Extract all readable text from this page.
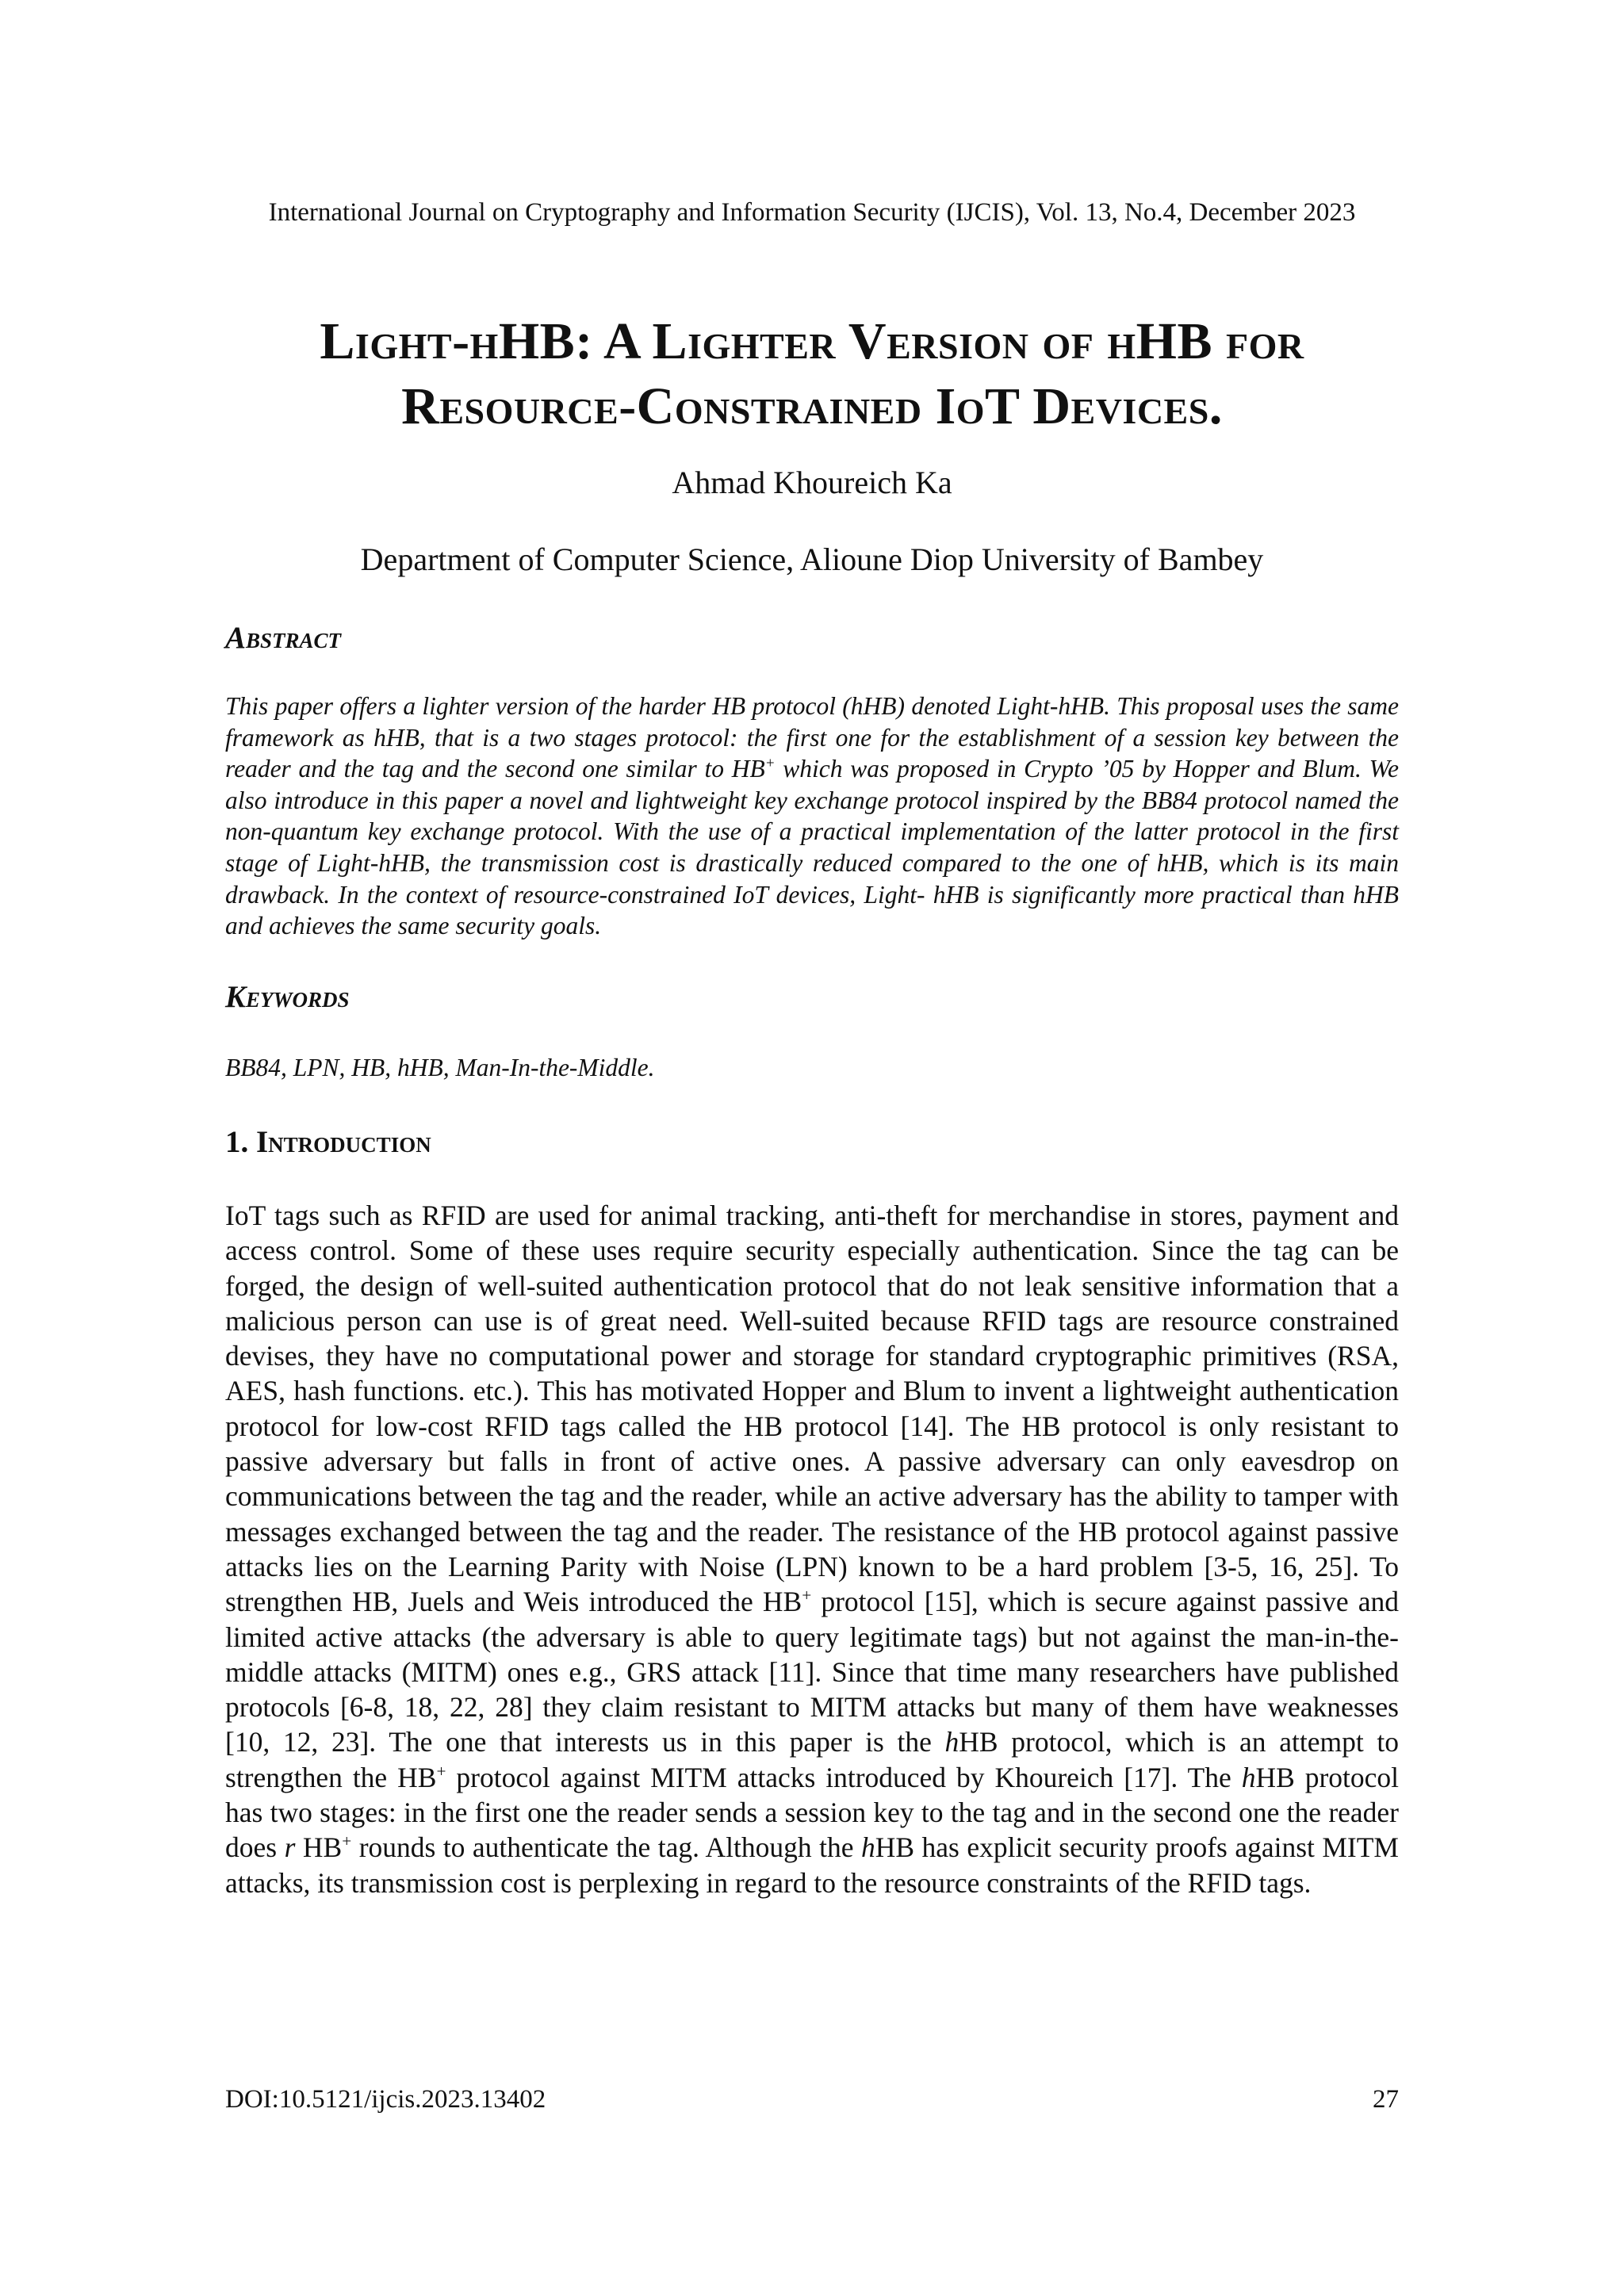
International Journal on Cryptography and Information Security (IJCIS), Vol. 13, No.4, December 2023
Light-hHB: A Lighter Version of hHB for
Resource-Constrained IoT Devices.
Ahmad Khoureich Ka
Department of Computer Science, Alioune Diop University of Bambey
Abstract
This paper offers a lighter version of the harder HB protocol (hHB) denoted Light-hHB. This proposal uses the same framework as hHB, that is a two stages protocol: the first one for the establishment of a session key between the reader and the tag and the second one similar to HB+ which was proposed in Crypto ’05 by Hopper and Blum. We also introduce in this paper a novel and lightweight key exchange protocol inspired by the BB84 protocol named the non-quantum key exchange protocol. With the use of a practical implementation of the latter protocol in the first stage of Light-hHB, the transmission cost is drastically reduced compared to the one of hHB, which is its main drawback. In the context of resource-constrained IoT devices, Light- hHB is significantly more practical than hHB and achieves the same security goals.
Keywords
BB84, LPN, HB, hHB, Man-In-the-Middle.
1. Introduction
IoT tags such as RFID are used for animal tracking, anti-theft for merchandise in stores, payment and access control. Some of these uses require security especially authentication. Since the tag can be forged, the design of well-suited authentication protocol that do not leak sensitive information that a malicious person can use is of great need. Well-suited because RFID tags are resource constrained devises, they have no computational power and storage for standard cryptographic primitives (RSA, AES, hash functions. etc.). This has motivated Hopper and Blum to invent a lightweight authentication protocol for low-cost RFID tags called the HB protocol [14]. The HB protocol is only resistant to passive adversary but falls in front of active ones. A passive adversary can only eavesdrop on communications between the tag and the reader, while an active adversary has the ability to tamper with messages exchanged between the tag and the reader. The resistance of the HB protocol against passive attacks lies on the Learning Parity with Noise (LPN) known to be a hard problem [3-5, 16, 25]. To strengthen HB, Juels and Weis introduced the HB+ protocol [15], which is secure against passive and limited active attacks (the adversary is able to query legitimate tags) but not against the man-in-the- middle attacks (MITM) ones e.g., GRS attack [11]. Since that time many researchers have published protocols [6-8, 18, 22, 28] they claim resistant to MITM attacks but many of them have weaknesses [10, 12, 23]. The one that interests us in this paper is the hHB protocol, which is an attempt to strengthen the HB+ protocol against MITM attacks introduced by Khoureich [17]. The hHB protocol has two stages: in the first one the reader sends a session key to the tag and in the second one the reader does r HB+ rounds to authenticate the tag. Although the hHB has explicit security proofs against MITM attacks, its transmission cost is perplexing in regard to the resource constraints of the RFID tags.
DOI:10.5121/ijcis.2023.13402	27
